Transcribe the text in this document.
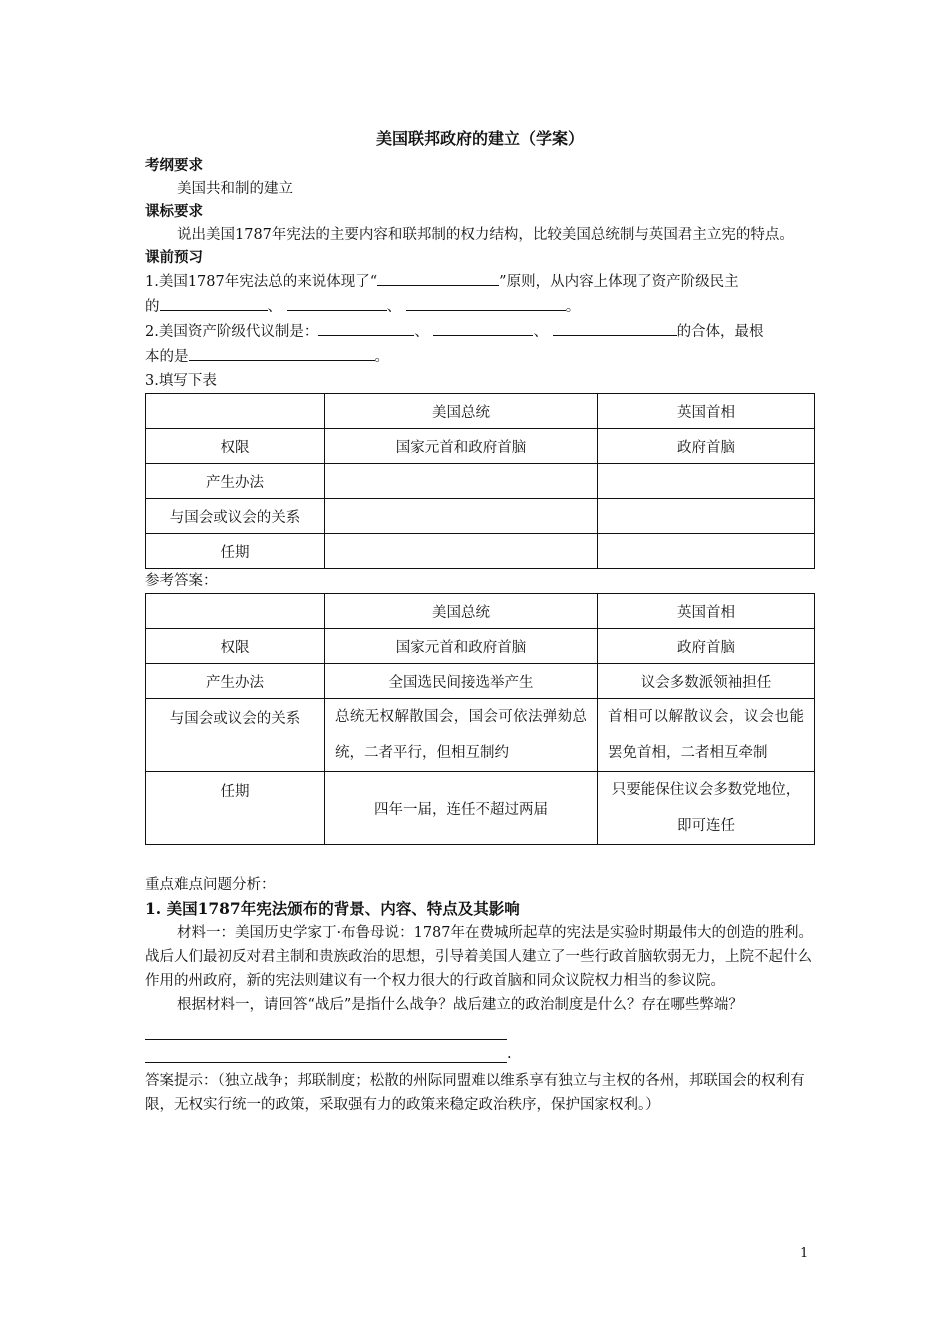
美国联邦政府的建立（学案）
考纲要求
美国共和制的建立
课标要求
说出美国1787年宪法的主要内容和联邦制的权力结构，比较美国总统制与英国君主立宪的特点。
课前预习
1.美国1787年宪法总的来说体现了“	”原则，从内容上体现了资产阶级民主
的	、	、	。
2.美国资产阶级代议制是：	、	、	的合体，最根
本的是	。
3.填写下表
	美国总统	英国首相
权限	国家元首和政府首脑	政府首脑
产生办法		
与国会或议会的关系		
任期		
参考答案：
	美国总统	英国首相
权限	国家元首和政府首脑	政府首脑
产生办法	全国选民间接选举产生	议会多数派领袖担任
与国会或议会的关系	总统无权解散国会，国会可依法弹劾总统，二者平行，但相互制约	首相可以解散议会，议会也能罢免首相，二者相互牵制
任期	四年一届，连任不超过两届	只要能保住议会多数党地位，即可连任
重点难点问题分析：
1. 美国1787年宪法颁布的背景、内容、特点及其影响
材料一：美国历史学家丁·布鲁母说：1787年在费城所起草的宪法是实验时期最伟大的创造的胜利。战后人们最初反对君主制和贵族政治的思想，引导着美国人建立了一些行政首脑软弱无力，上院不起什么作用的州政府，新的宪法则建议有一个权力很大的行政首脑和同众议院权力相当的参议院。
根据材料一，请回答“战后”是指什么战争？战后建立的政治制度是什么？存在哪些弊端？
.
答案提示：（独立战争；邦联制度；松散的州际同盟难以维系享有独立与主权的各州，邦联国会的权利有限，无权实行统一的政策，采取强有力的政策来稳定政治秩序，保护国家权利。）
1
